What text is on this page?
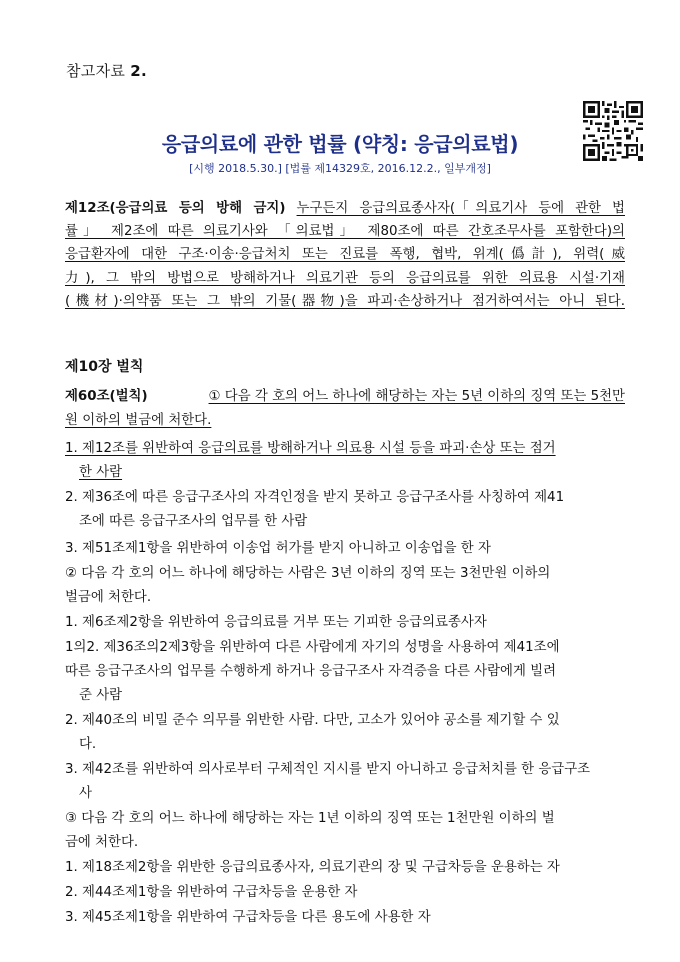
참고자료 2.
응급의료에 관한 법률 (약칭: 응급의료법)
[시행 2018.5.30.] [법률 제14329호, 2016.12.2., 일부개정]
제12조(응급의료 등의 방해 금지) 누구든지 응급의료종사자(「의료기사 등에 관한 법
률」 제2조에 따른 의료기사와 「의료법」 제80조에 따른 간호조무사를 포함한다)의
응급환자에 대한 구조·이송·응급처치 또는 진료를 폭행, 협박, 위계(僞計), 위력(威
力), 그 밖의 방법으로 방해하거나 의료기관 등의 응급의료를 위한 의료용 시설·기재
(機材)·의약품 또는 그 밖의 기물(器物)을 파괴·손상하거나 점거하여서는 아니 된다.
제10장 벌칙
제60조(벌칙)	① 다음 각 호의 어느 하나에 해당하는 자는 5년 이하의 징역 또는 5천만
원 이하의 벌금에 처한다.
1. 제12조를 위반하여 응급의료를 방해하거나 의료용 시설 등을 파괴·손상 또는 점거
한 사람
2. 제36조에 따른 응급구조사의 자격인정을 받지 못하고 응급구조사를 사칭하여 제41
조에 따른 응급구조사의 업무를 한 사람
3. 제51조제1항을 위반하여 이송업 허가를 받지 아니하고 이송업을 한 자
② 다음 각 호의 어느 하나에 해당하는 사람은 3년 이하의 징역 또는 3천만원 이하의
벌금에 처한다.
1. 제6조제2항을 위반하여 응급의료를 거부 또는 기피한 응급의료종사자
1의2. 제36조의2제3항을 위반하여 다른 사람에게 자기의 성명을 사용하여 제41조에
따른 응급구조사의 업무를 수행하게 하거나 응급구조사 자격증을 다른 사람에게 빌려
준 사람
2. 제40조의 비밀 준수 의무를 위반한 사람. 다만, 고소가 있어야 공소를 제기할 수 있
다.
3. 제42조를 위반하여 의사로부터 구체적인 지시를 받지 아니하고 응급처치를 한 응급구조
사
③ 다음 각 호의 어느 하나에 해당하는 자는 1년 이하의 징역 또는 1천만원 이하의 벌
금에 처한다.
1. 제18조제2항을 위반한 응급의료종사자, 의료기관의 장 및 구급차등을 운용하는 자
2. 제44조제1항을 위반하여 구급차등을 운용한 자
3. 제45조제1항을 위반하여 구급차등을 다른 용도에 사용한 자
